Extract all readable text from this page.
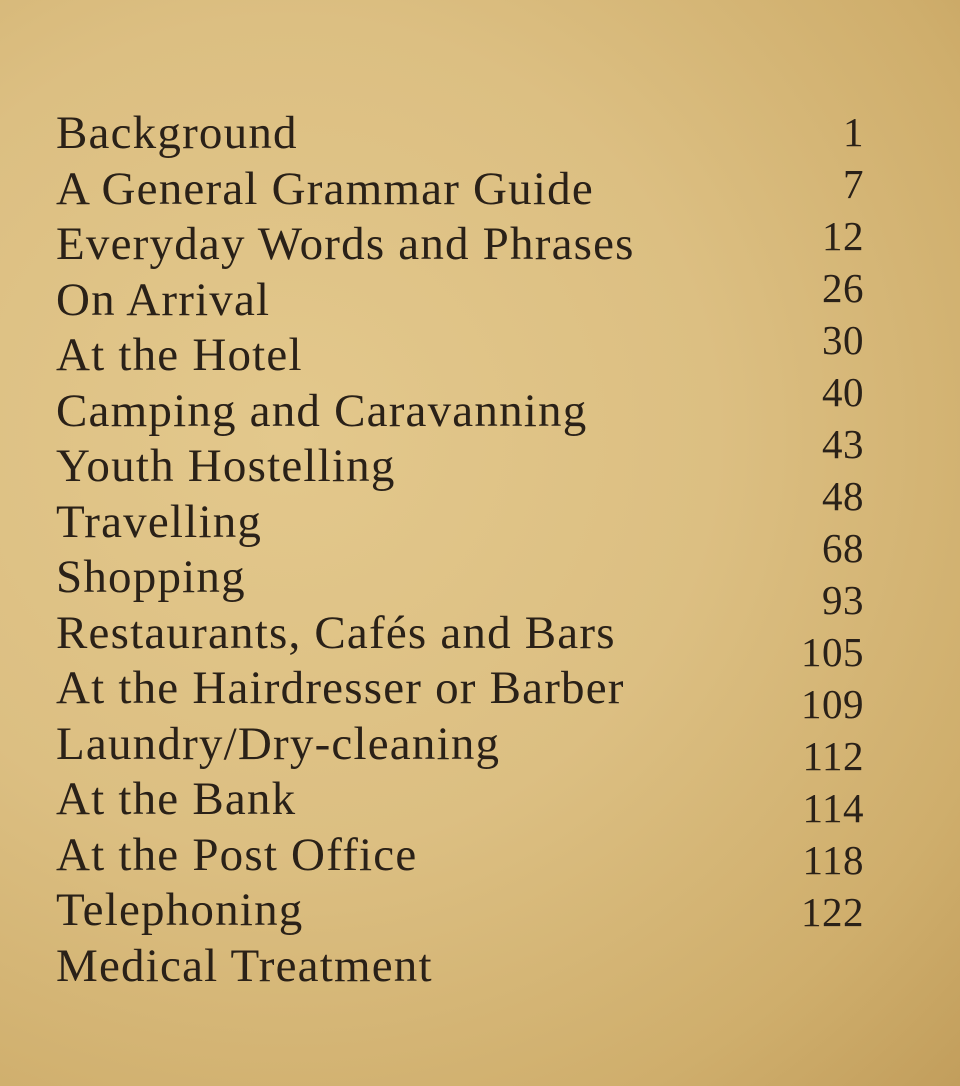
Background
A General Grammar Guide
Everyday Words and Phrases
On Arrival
At the Hotel
Camping and Caravanning
Youth Hostelling
Travelling
Shopping
Restaurants, Cafés and Bars
At the Hairdresser or Barber
Laundry/Dry-cleaning
At the Bank
At the Post Office
Telephoning
Medical Treatment
1
7
12
26
30
40
43
48
68
93
105
109
112
114
118
122
